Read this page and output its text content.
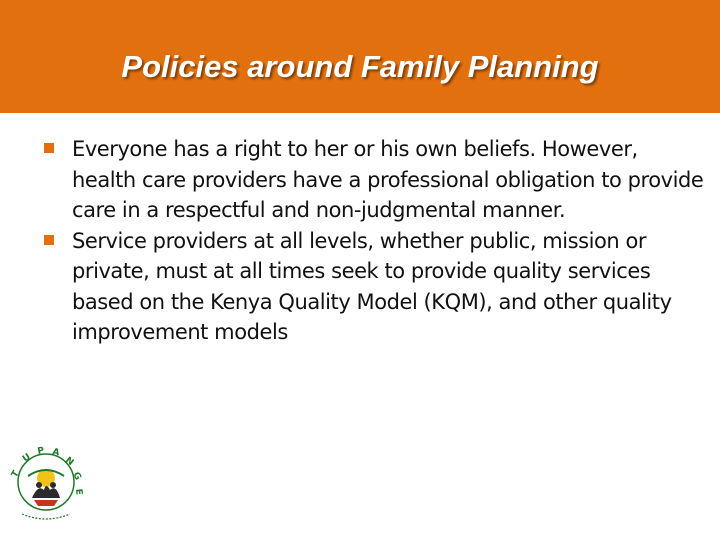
Policies around Family Planning
Everyone has a right to her or his own beliefs. However, health care providers have a professional obligation to provide care in a respectful and non-judgmental manner.
Service providers at all levels, whether public, mission or private, must at all times seek to provide quality services based on the Kenya Quality Model (KQM), and other quality improvement models
T
U
P A
N
G
E
